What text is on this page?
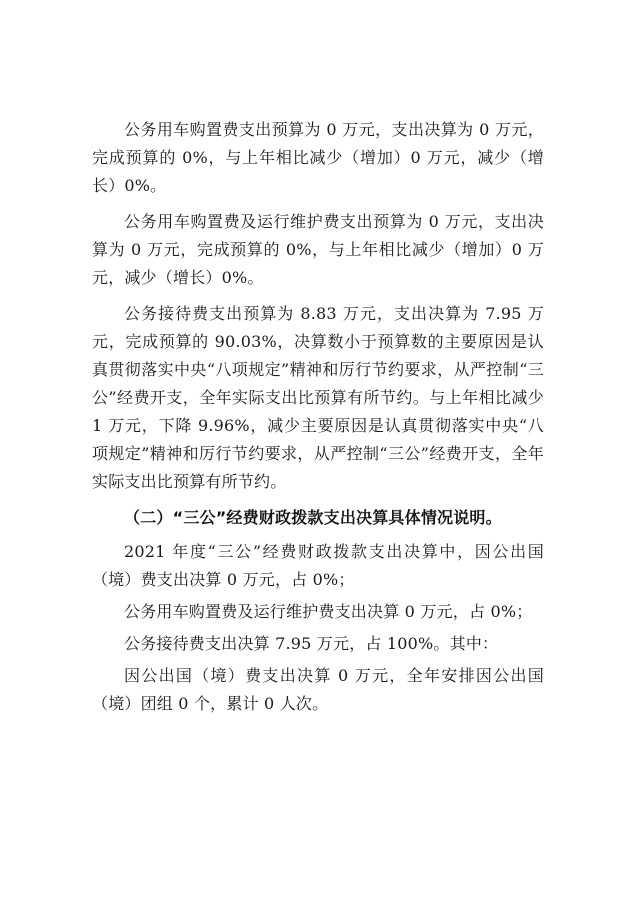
公务用车购置费支出预算为 0 万元，支出决算为 0 万元，完成预算的 0%，与上年相比减少（增加）0 万元，减少（增长）0%。

公务用车购置费及运行维护费支出预算为 0 万元，支出决算为 0 万元，完成预算的 0%，与上年相比减少（增加）0 万元，减少（增长）0%。

公务接待费支出预算为 8.83 万元，支出决算为 7.95 万元，完成预算的 90.03%，决算数小于预算数的主要原因是认真贯彻落实中央“八项规定”精神和厉行节约要求，从严控制“三公”经费开支，全年实际支出比预算有所节约。与上年相比减少 1 万元，下降 9.96%，减少主要原因是认真贯彻落实中央“八项规定”精神和厉行节约要求，从严控制“三公”经费开支，全年实际支出比预算有所节约。

（二）“三公”经费财政拨款支出决算具体情况说明。

2021 年度“三公”经费财政拨款支出决算中，因公出国（境）费支出决算 0 万元，占 0%；

公务用车购置费及运行维护费支出决算 0 万元，占 0%；

公务接待费支出决算 7.95 万元，占 100%。其中：

因公出国（境）费支出决算 0 万元，全年安排因公出国（境）团组 0 个，累计 0 人次。
